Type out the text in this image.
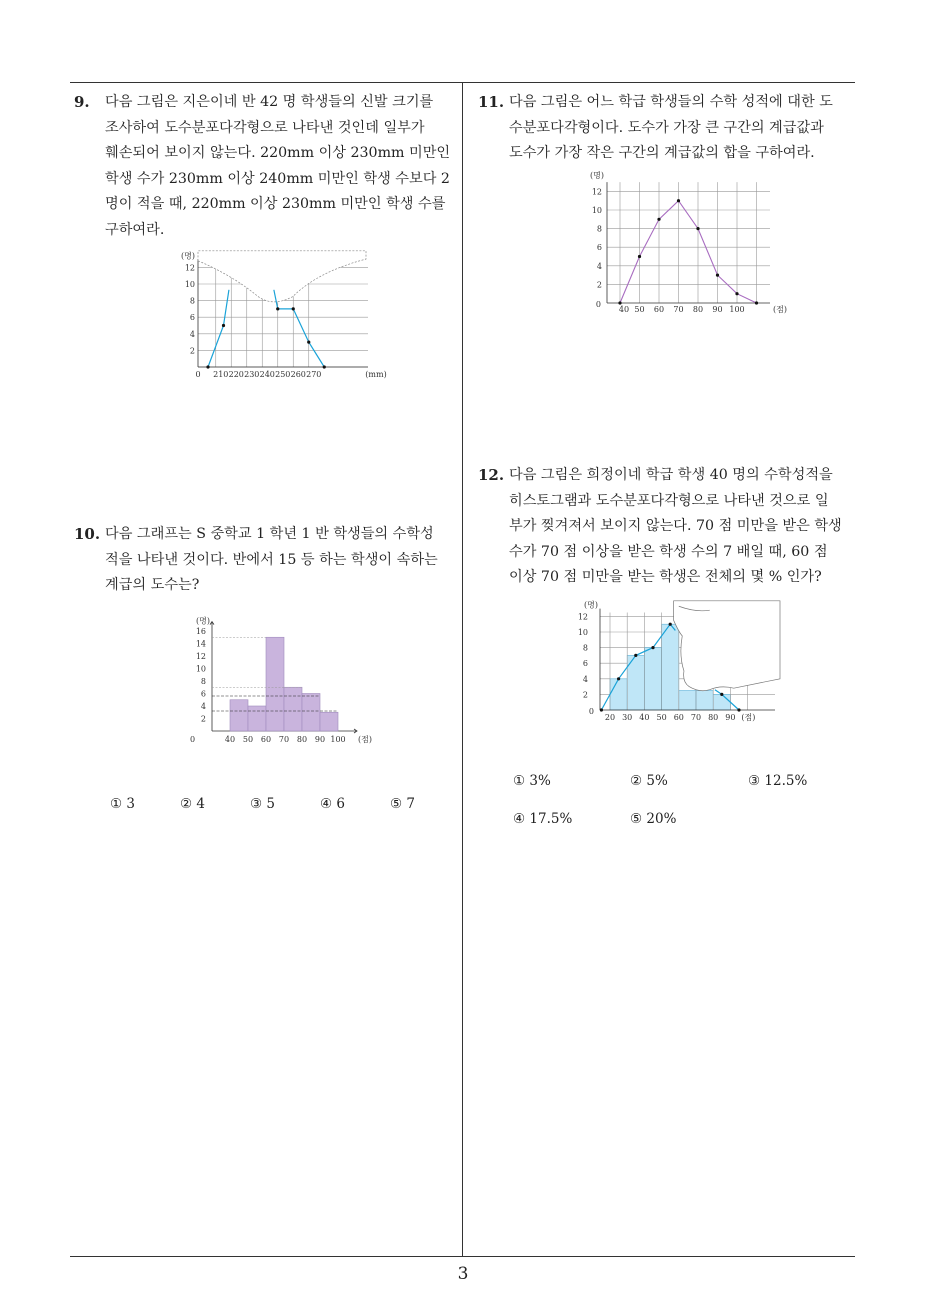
9. 다음 그림은 지은이네 반 42 명 학생들의 신발 크기를
조사하여 도수분포다각형으로 나타낸 것인데 일부가
훼손되어 보이지 않는다. 220mm 이상 230mm 미만인
학생 수가 230mm 이상 240mm 미만인 학생 수보다 2
명이 적을 때, 220mm 이상 230mm 미만인 학생 수를
구하여라.
2
4
6
8
10
12
(명)
0 210 220 230 240 250 260 270	(mm)
10. 다음 그래프는 S 중학교 1 학년 1 반 학생들의 수학성
적을 나타낸 것이다. 반에서 15 등 하는 학생이 속하는
계급의 도수는?
2
4
6
8
10
12
14
16
0
(명)
40 50 60 70 80 90 100 (점)
① 3	② 4	③ 5	④ 6	⑤ 7
11. 다음 그림은 어느 학급 학생들의 수학 성적에 대한 도
수분포다각형이다. 도수가 가장 큰 구간의 계급값과
도수가 가장 작은 구간의 계급값의 합을 구하여라.
2
4
6
8
10
12
(명)
0
40 50 60 70 80 90 100	(점)
12. 다음 그림은 희정이네 학급 학생 40 명의 수학성적을
히스토그램과 도수분포다각형으로 나타낸 것으로 일
부가 찢겨져서 보이지 않는다. 70 점 미만을 받은 학생
수가 70 점 이상을 받은 학생 수의 7 배일 때, 60 점
이상 70 점 미만을 받는 학생은 전체의 몇 % 인가?
2
4
6
8
10
12
(명)
0
20 30 40 50 60 70 80 90 (점)
① 3%	② 5%	③ 12.5%
④ 17.5%	⑤ 20%
3
